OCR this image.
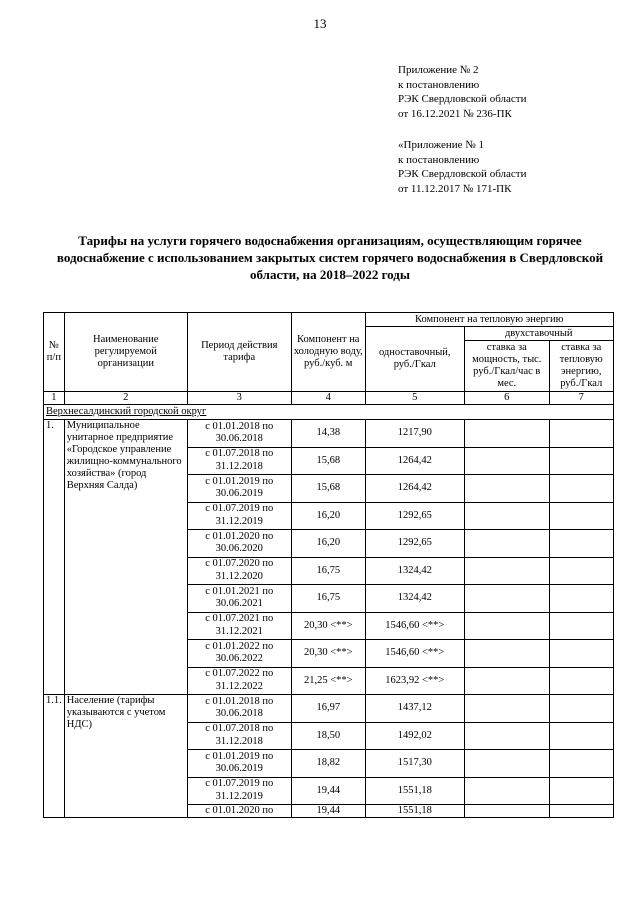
13
Приложение № 2
к постановлению
РЭК Свердловской области
от 16.12.2021 № 236-ПК
«Приложение № 1
к постановлению
РЭК Свердловской области
от 11.12.2017 № 171-ПК
Тарифы на услуги горячего водоснабжения организациям, осуществляющим горячее водоснабжение с использованием закрытых систем горячего водоснабжения в Свердловской области, на 2018–2022 годы
№ п/п	Наименование регулируемой организации	Период действия тарифа	Компонент на холодную воду, руб./куб. м	Компонент на тепловую энергию		
				одноставочный, руб./Гкал	двухставочный	
					ставка за мощность, тыс. руб./Гкал/час в мес.	ставка за тепловую энергию, руб./Гкал
1	2	3	4	5	6	7
Верхнесалдинский городской округ						
1.	Муниципальное унитарное предприятие «Городское управление жилищно-коммунального хозяйства» (город Верхняя Салда)	с 01.01.2018 по 30.06.2018	14,38	1217,90		
		с 01.07.2018 по 31.12.2018	15,68	1264,42		
		с 01.01.2019 по 30.06.2019	15,68	1264,42		
		с 01.07.2019 по 31.12.2019	16,20	1292,65		
		с 01.01.2020 по 30.06.2020	16,20	1292,65		
		с 01.07.2020 по 31.12.2020	16,75	1324,42		
		с 01.01.2021 по 30.06.2021	16,75	1324,42		
		с 01.07.2021 по 31.12.2021	20,30 <**>	1546,60 <**>		
		с 01.01.2022 по 30.06.2022	20,30 <**>	1546,60 <**>		
		с 01.07.2022 по 31.12.2022	21,25 <**>	1623,92 <**>		
1.1.	Население (тарифы указываются с учетом НДС)	с 01.01.2018 по 30.06.2018	16,97	1437,12		
		с 01.07.2018 по 31.12.2018	18,50	1492,02		
		с 01.01.2019 по 30.06.2019	18,82	1517,30		
		с 01.07.2019 по 31.12.2019	19,44	1551,18		
		с 01.01.2020 по	19,44	1551,18		
